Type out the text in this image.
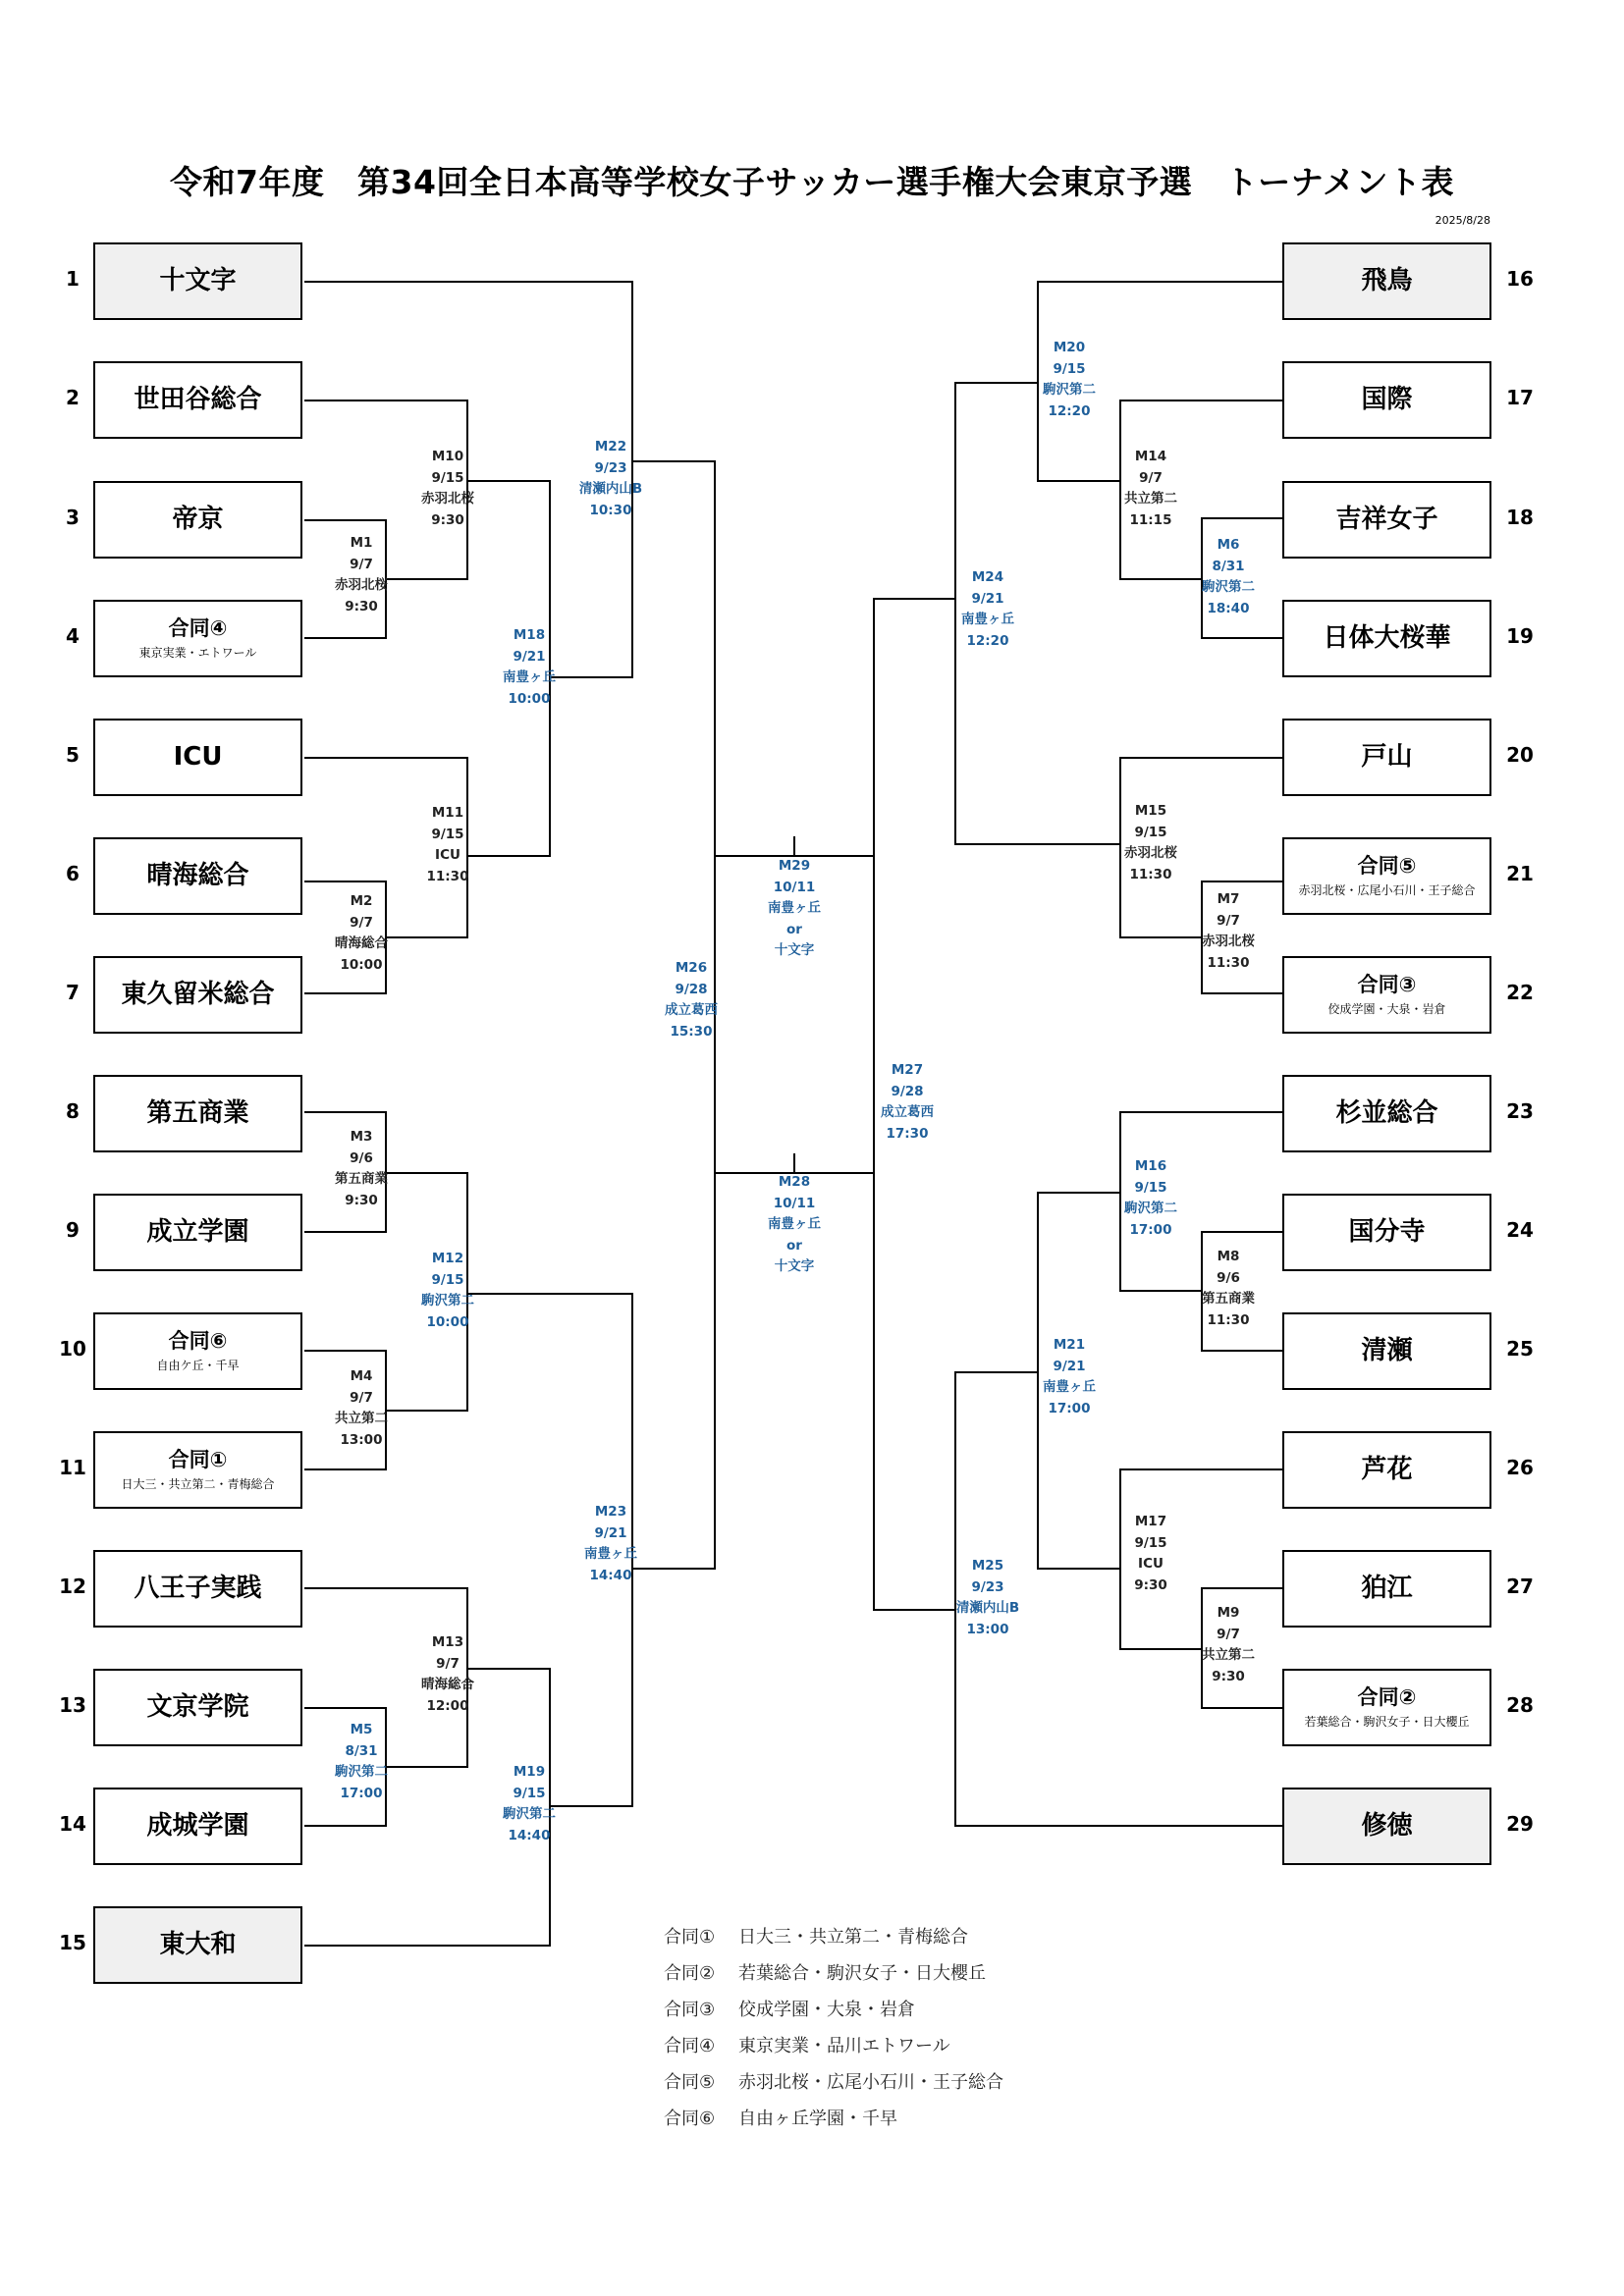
令和7年度　第34回全日本高等学校女子サッカー選手権大会東京予選　トーナメント表
2025/8/28
十文字
世田谷総合
帝京
合同④
東京実業・エトワール
ICU
晴海総合
東久留米総合
第五商業
成立学園
合同⑥
自由ケ丘・千早
合同①
日大三・共立第二・青梅総合
八王子実践
文京学院
成城学園
東大和
飛鳥
国際
吉祥女子
日体大桜華
戸山
合同⑤
赤羽北桜・広尾小石川・王子総合
合同③
佼成学園・大泉・岩倉
杉並総合
国分寺
清瀬
芦花
狛江
合同②
若葉総合・駒沢女子・日大櫻丘
修徳
1
2
3
4
5
6
7
8
9
10
11
12
13
14
15
16
17
18
19
20
21
22
23
24
25
26
27
28
29
M1
9/7
赤羽北桜
9:30
M2
9/7
晴海総合
10:00
M3
9/6
第五商業
9:30
M4
9/7
共立第二
13:00
M5
8/31
駒沢第二
17:00
M6
8/31
駒沢第二
18:40
M7
9/7
赤羽北桜
11:30
M8
9/6
第五商業
11:30
M9
9/7
共立第二
9:30
M10
9/15
赤羽北桜
9:30
M11
9/15
ICU
11:30
M12
9/15
駒沢第二
10:00
M13
9/7
晴海総合
12:00
M14
9/7
共立第二
11:15
M15
9/15
赤羽北桜
11:30
M16
9/15
駒沢第二
17:00
M17
9/15
ICU
9:30
M18
9/21
南豊ヶ丘
10:00
M19
9/15
駒沢第二
14:40
M20
9/15
駒沢第二
12:20
M21
9/21
南豊ヶ丘
17:00
M22
9/23
清瀬内山B
10:30
M23
9/21
南豊ヶ丘
14:40
M24
9/21
南豊ヶ丘
12:20
M25
9/23
清瀬内山B
13:00
M26
9/28
成立葛西
15:30
M27
9/28
成立葛西
17:30
M28
10/11
南豊ヶ丘
or
十文字
M29
10/11
南豊ヶ丘
or
十文字
合同① 日大三・共立第二・青梅総合
合同② 若葉総合・駒沢女子・日大櫻丘
合同③ 佼成学園・大泉・岩倉
合同④ 東京実業・品川エトワール
合同⑤ 赤羽北桜・広尾小石川・王子総合
合同⑥ 自由ヶ丘学園・千早
